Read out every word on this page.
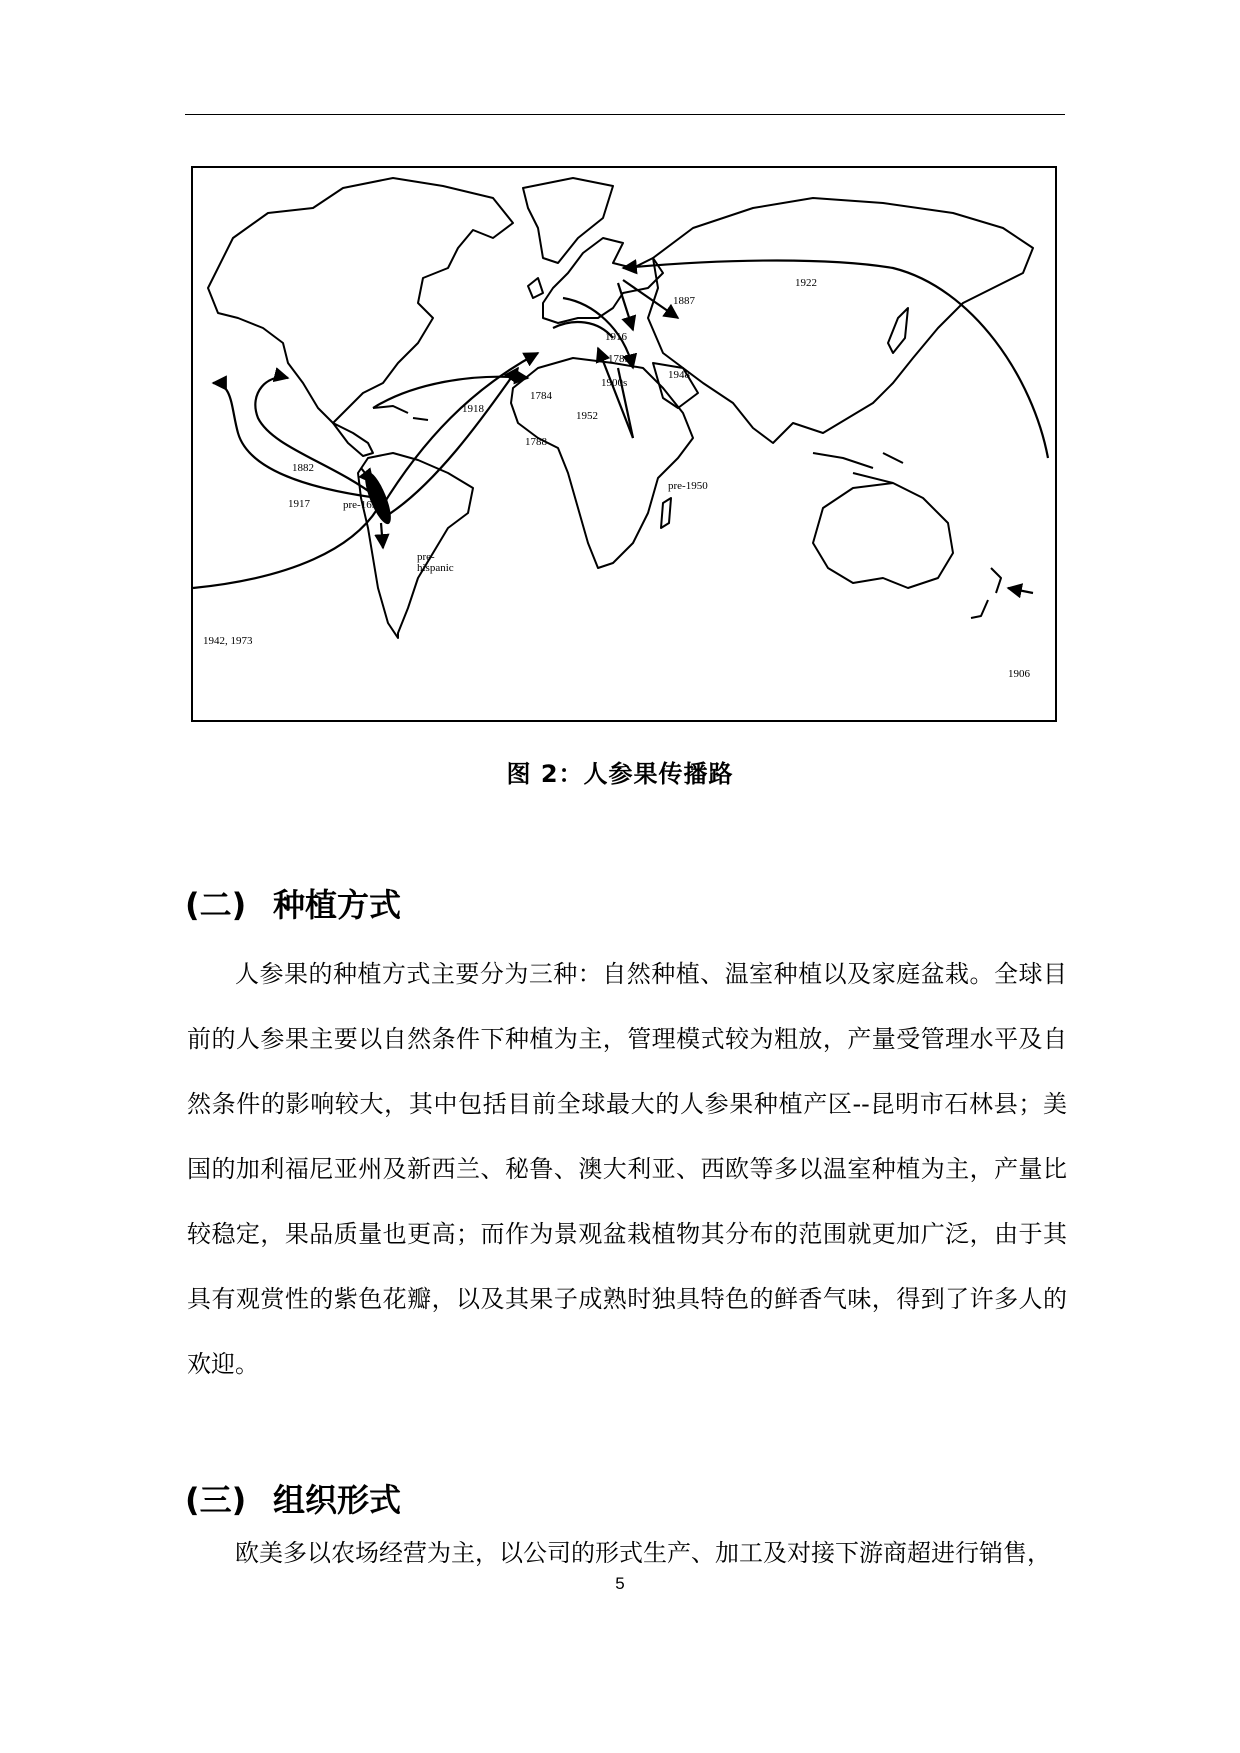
1922
1887
1916
1785
1948
1900s
1784
1918
1952
1788
1882
1917	pre-1650
pre-1950
pre-
hispanic
1942, 1973
1906
图 2：人参果传播路
(二) 种植方式

人参果的种植方式主要分为三种：自然种植、温室种植以及家庭盆栽。全球目前的人参果主要以自然条件下种植为主，管理模式较为粗放，产量受管理水平及自然条件的影响较大，其中包括目前全球最大的人参果种植产区--昆明市石林县；美国的加利福尼亚州及新西兰、秘鲁、澳大利亚、西欧等多以温室种植为主，产量比较稳定，果品质量也更高；而作为景观盆栽植物其分布的范围就更加广泛，由于其具有观赏性的紫色花瓣，以及其果子成熟时独具特色的鲜香气味，得到了许多人的欢迎。

(三) 组织形式

欧美多以农场经营为主，以公司的形式生产、加工及对接下游商超进行销售，

5
